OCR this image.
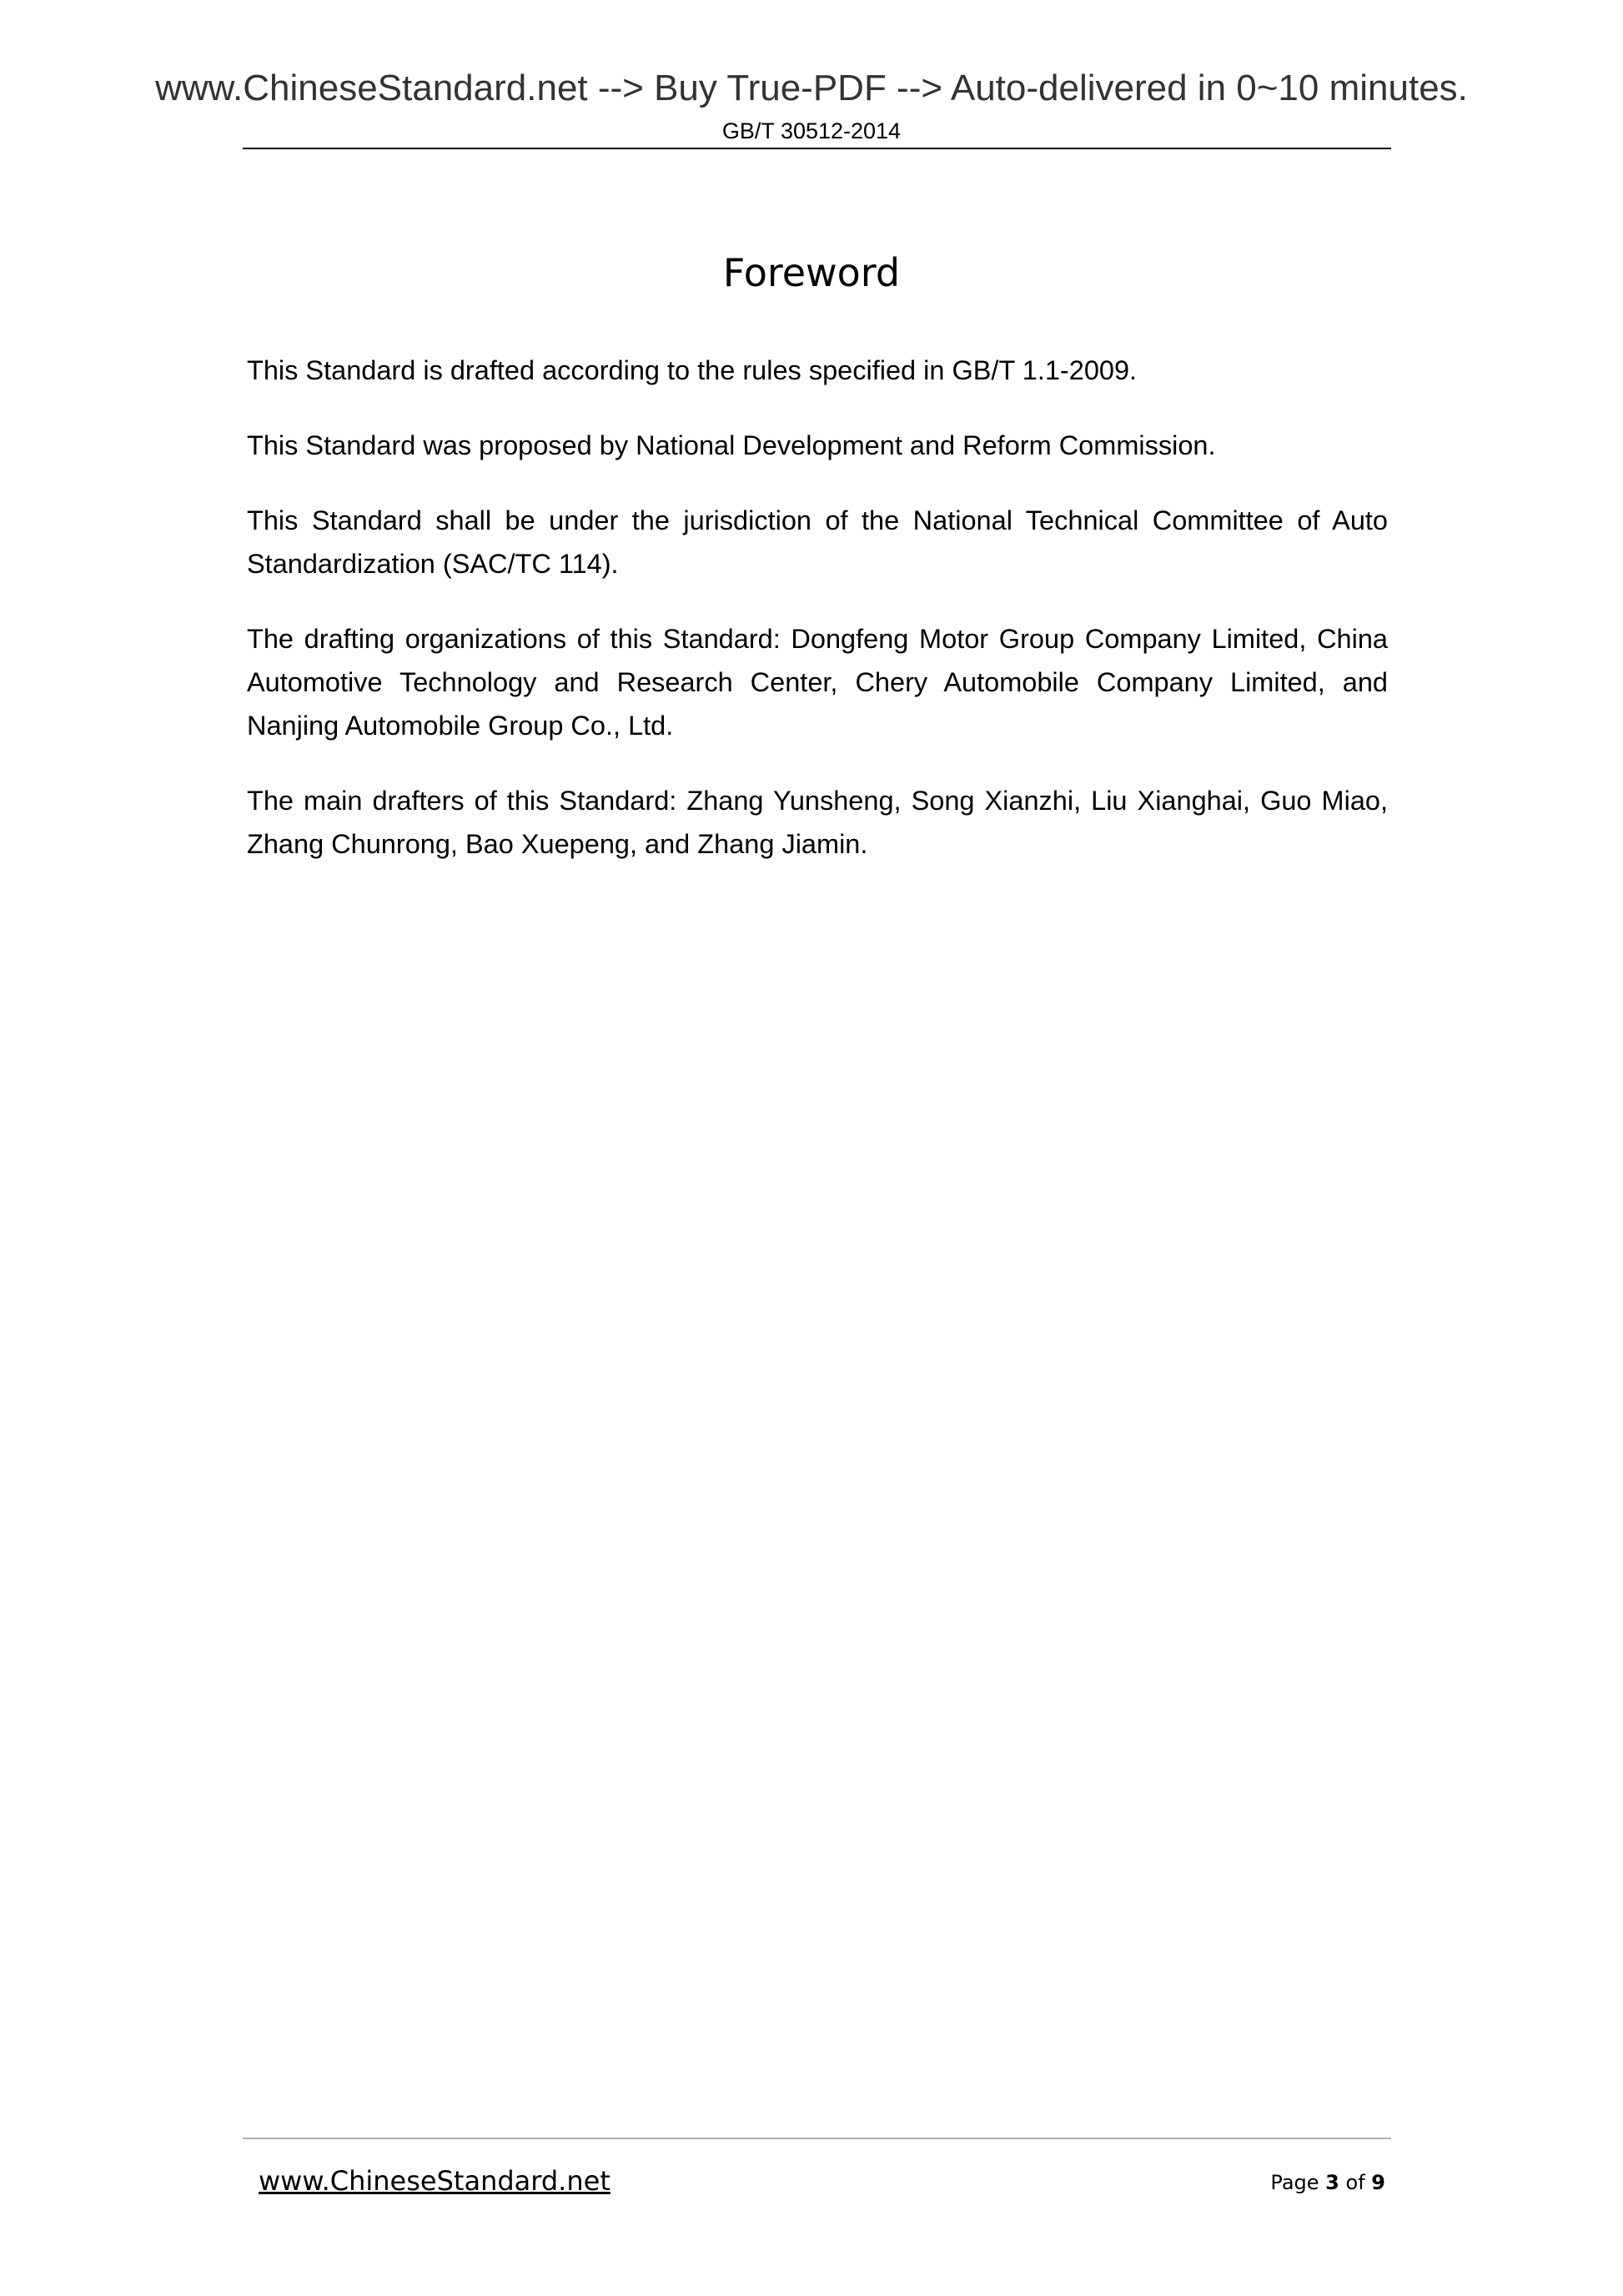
www.ChineseStandard.net --> Buy True-PDF --> Auto-delivered in 0~10 minutes.
GB/T 30512-2014
Foreword

This Standard is drafted according to the rules specified in GB/T 1.1-2009.

This Standard was proposed by National Development and Reform Commission.

This Standard shall be under the jurisdiction of the National Technical Committee of Auto Standardization (SAC/TC 114).

The drafting organizations of this Standard: Dongfeng Motor Group Company Limited, China Automotive Technology and Research Center, Chery Automobile Company Limited, and Nanjing Automobile Group Co., Ltd.

The main drafters of this Standard: Zhang Yunsheng, Song Xianzhi, Liu Xianghai, Guo Miao, Zhang Chunrong, Bao Xuepeng, and Zhang Jiamin.

www.ChineseStandard.net	Page 3 of 9
